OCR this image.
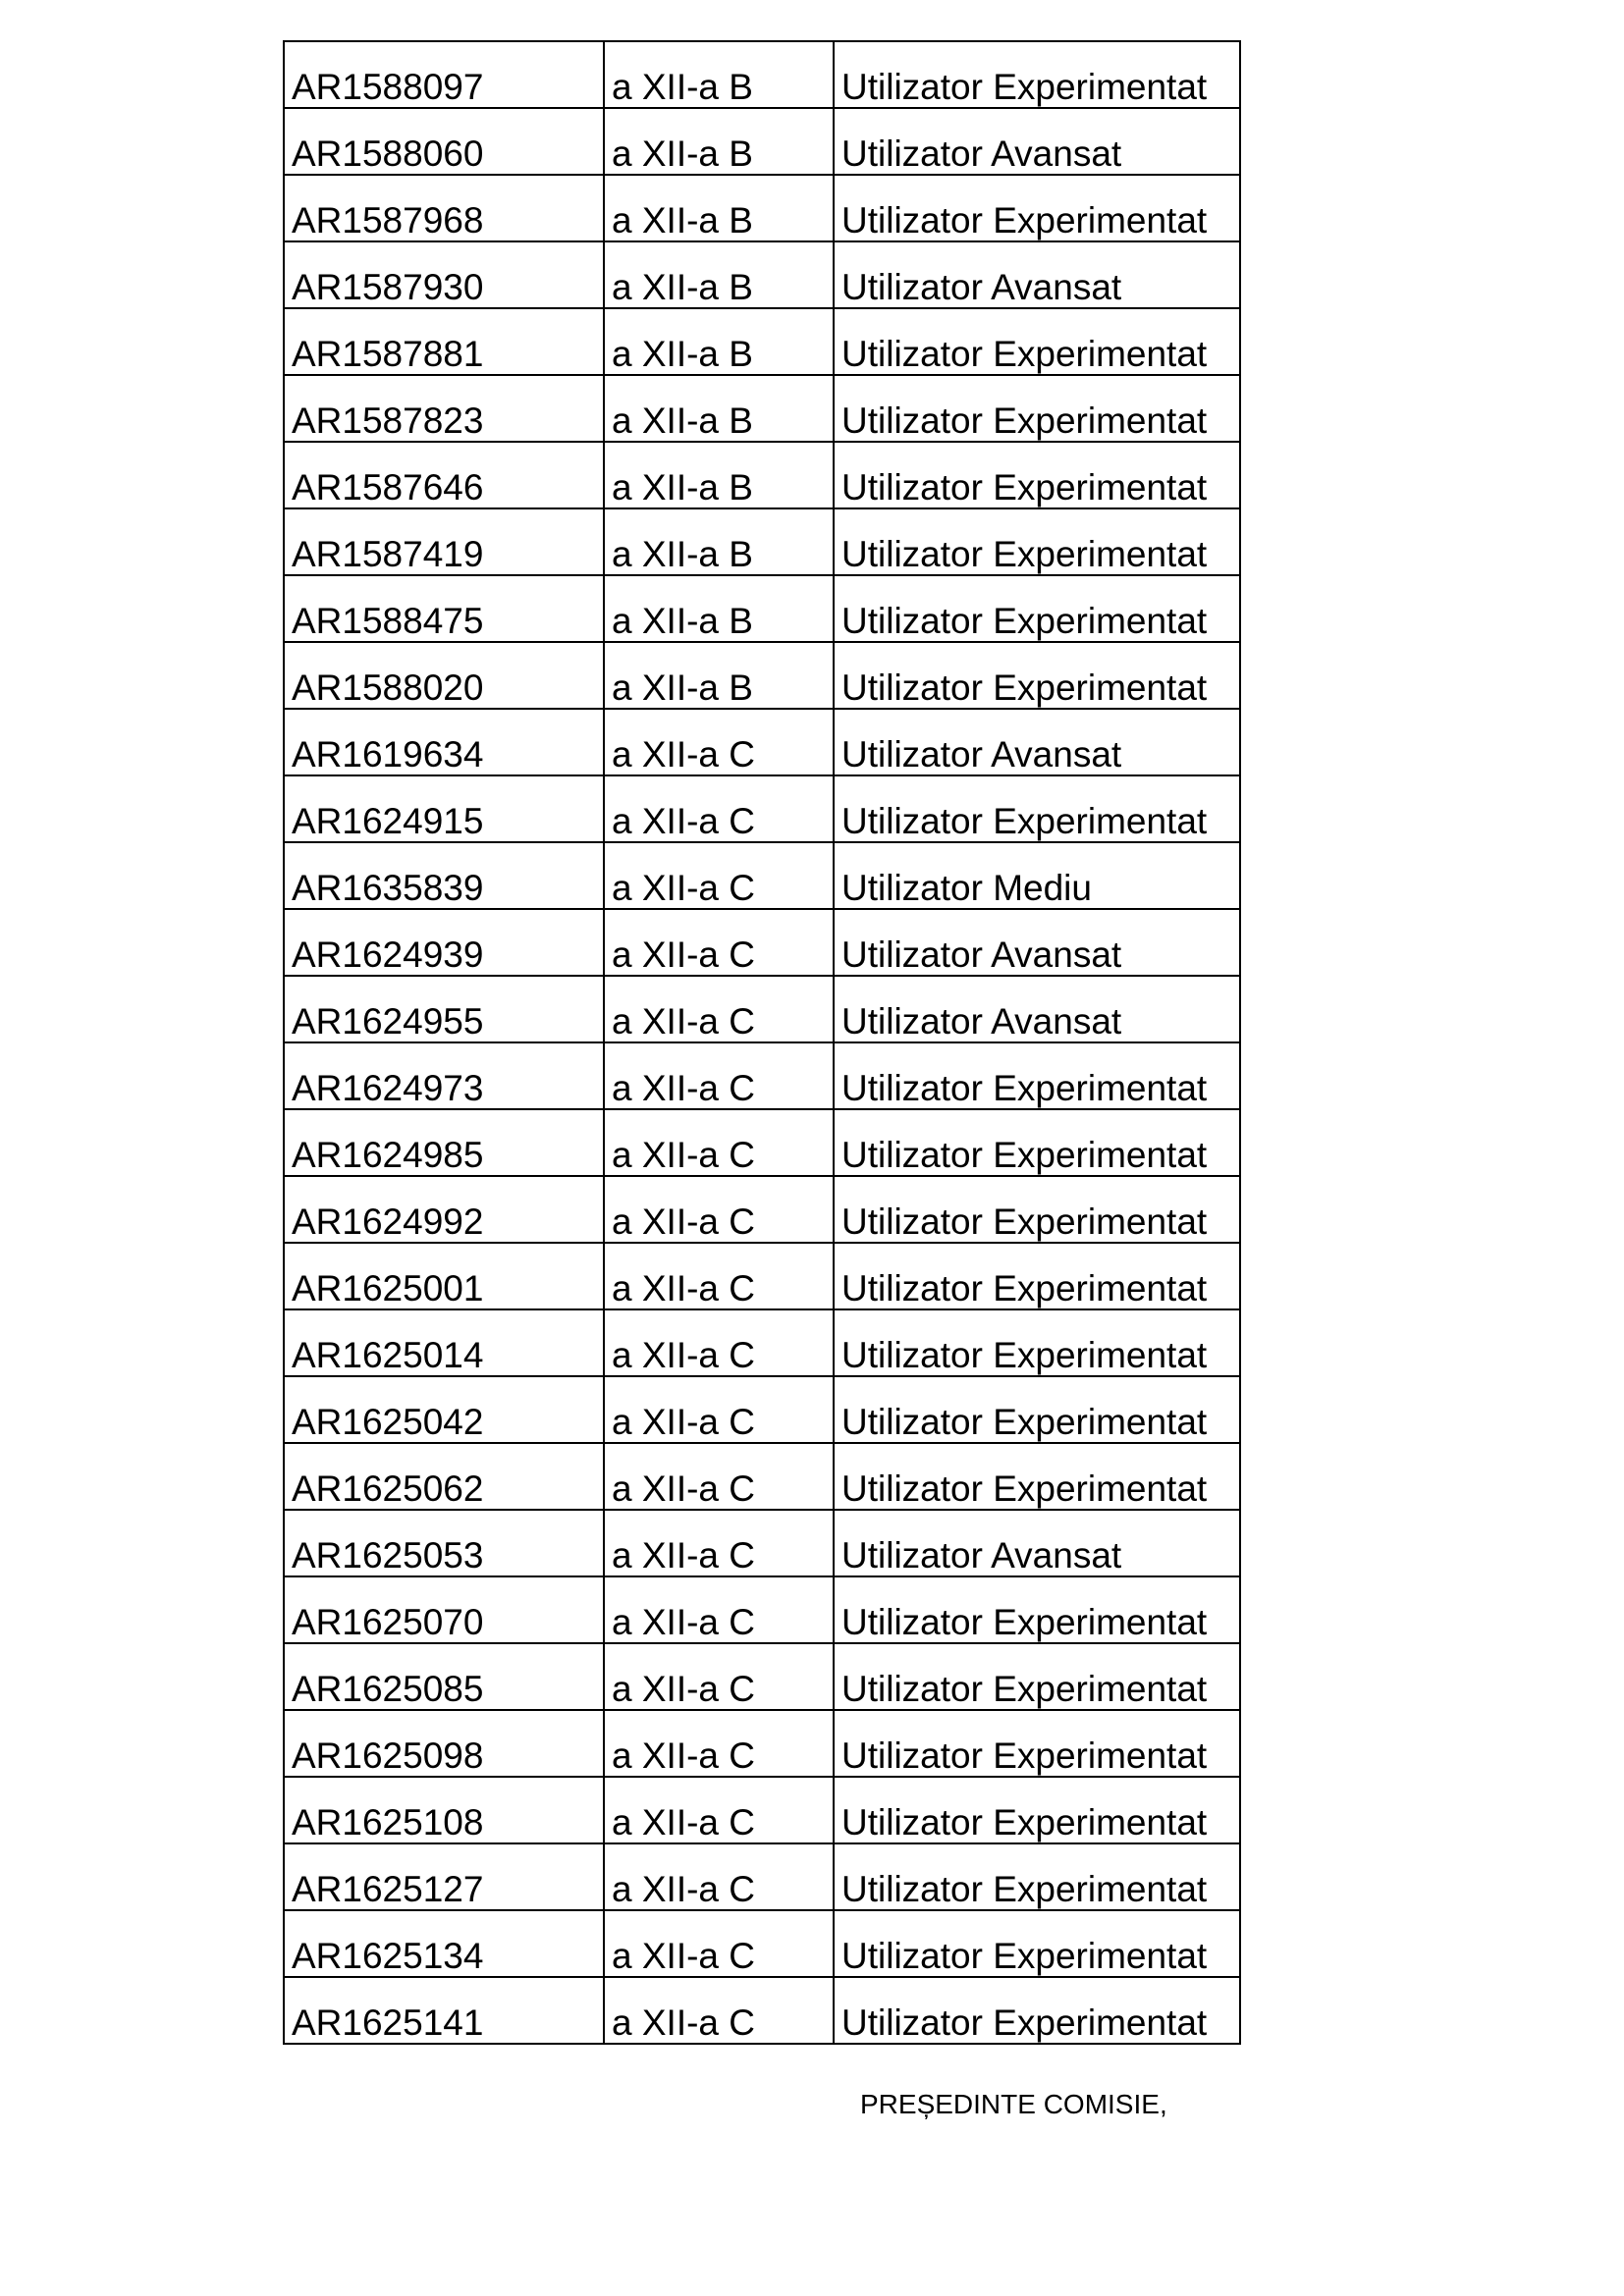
AR1588097	a XII-a B	Utilizator Experimentat
AR1588060	a XII-a B	Utilizator Avansat
AR1587968	a XII-a B	Utilizator Experimentat
AR1587930	a XII-a B	Utilizator Avansat
AR1587881	a XII-a B	Utilizator Experimentat
AR1587823	a XII-a B	Utilizator Experimentat
AR1587646	a XII-a B	Utilizator Experimentat
AR1587419	a XII-a B	Utilizator Experimentat
AR1588475	a XII-a B	Utilizator Experimentat
AR1588020	a XII-a B	Utilizator Experimentat
AR1619634	a XII-a C	Utilizator Avansat
AR1624915	a XII-a C	Utilizator Experimentat
AR1635839	a XII-a C	Utilizator Mediu
AR1624939	a XII-a C	Utilizator Avansat
AR1624955	a XII-a C	Utilizator Avansat
AR1624973	a XII-a C	Utilizator Experimentat
AR1624985	a XII-a C	Utilizator Experimentat
AR1624992	a XII-a C	Utilizator Experimentat
AR1625001	a XII-a C	Utilizator Experimentat
AR1625014	a XII-a C	Utilizator Experimentat
AR1625042	a XII-a C	Utilizator Experimentat
AR1625062	a XII-a C	Utilizator Experimentat
AR1625053	a XII-a C	Utilizator Avansat
AR1625070	a XII-a C	Utilizator Experimentat
AR1625085	a XII-a C	Utilizator Experimentat
AR1625098	a XII-a C	Utilizator Experimentat
AR1625108	a XII-a C	Utilizator Experimentat
AR1625127	a XII-a C	Utilizator Experimentat
AR1625134	a XII-a C	Utilizator Experimentat
AR1625141	a XII-a C	Utilizator Experimentat
PREȘEDINTE COMISIE,
